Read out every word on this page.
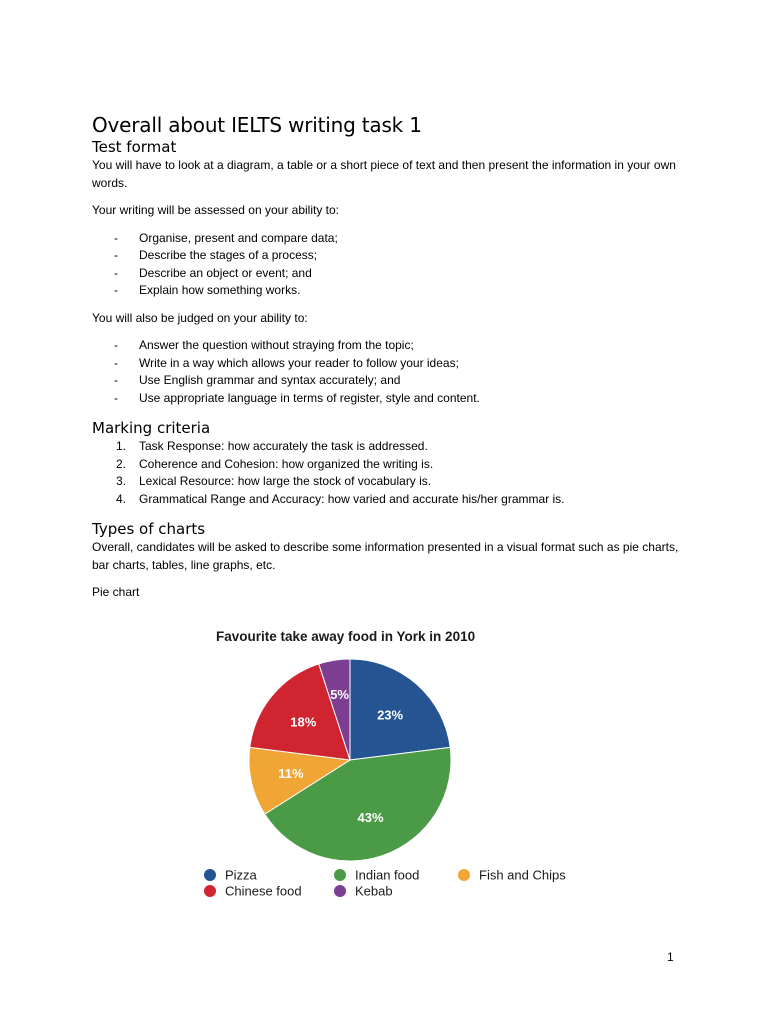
Overall about IELTS writing task 1
Test format

You will have to look at a diagram, a table or a short piece of text and then present the information in your own words.

Your writing will be assessed on your ability to:

- Organise, present and compare data;
- Describe the stages of a process;
- Describe an object or event; and
- Explain how something works.

You will also be judged on your ability to:

- Answer the question without straying from the topic;
- Write in a way which allows your reader to follow your ideas;
- Use English grammar and syntax accurately; and
- Use appropriate language in terms of register, style and content.
Marking criteria
1. Task Response: how accurately the task is addressed.
2. Coherence and Cohesion: how organized the writing is.
3. Lexical Resource: how large the stock of vocabulary is.
4. Grammatical Range and Accuracy: how varied and accurate his/her grammar is.
Types of charts

Overall, candidates will be asked to describe some information presented in a visual format such as pie charts, bar charts, tables, line graphs, etc.

Pie chart

Favourite take away food in York in 2010
23%
43%
11%
18%
5%
Pizza	Indian food	Fish and Chips
Chinese food	Kebab
1
